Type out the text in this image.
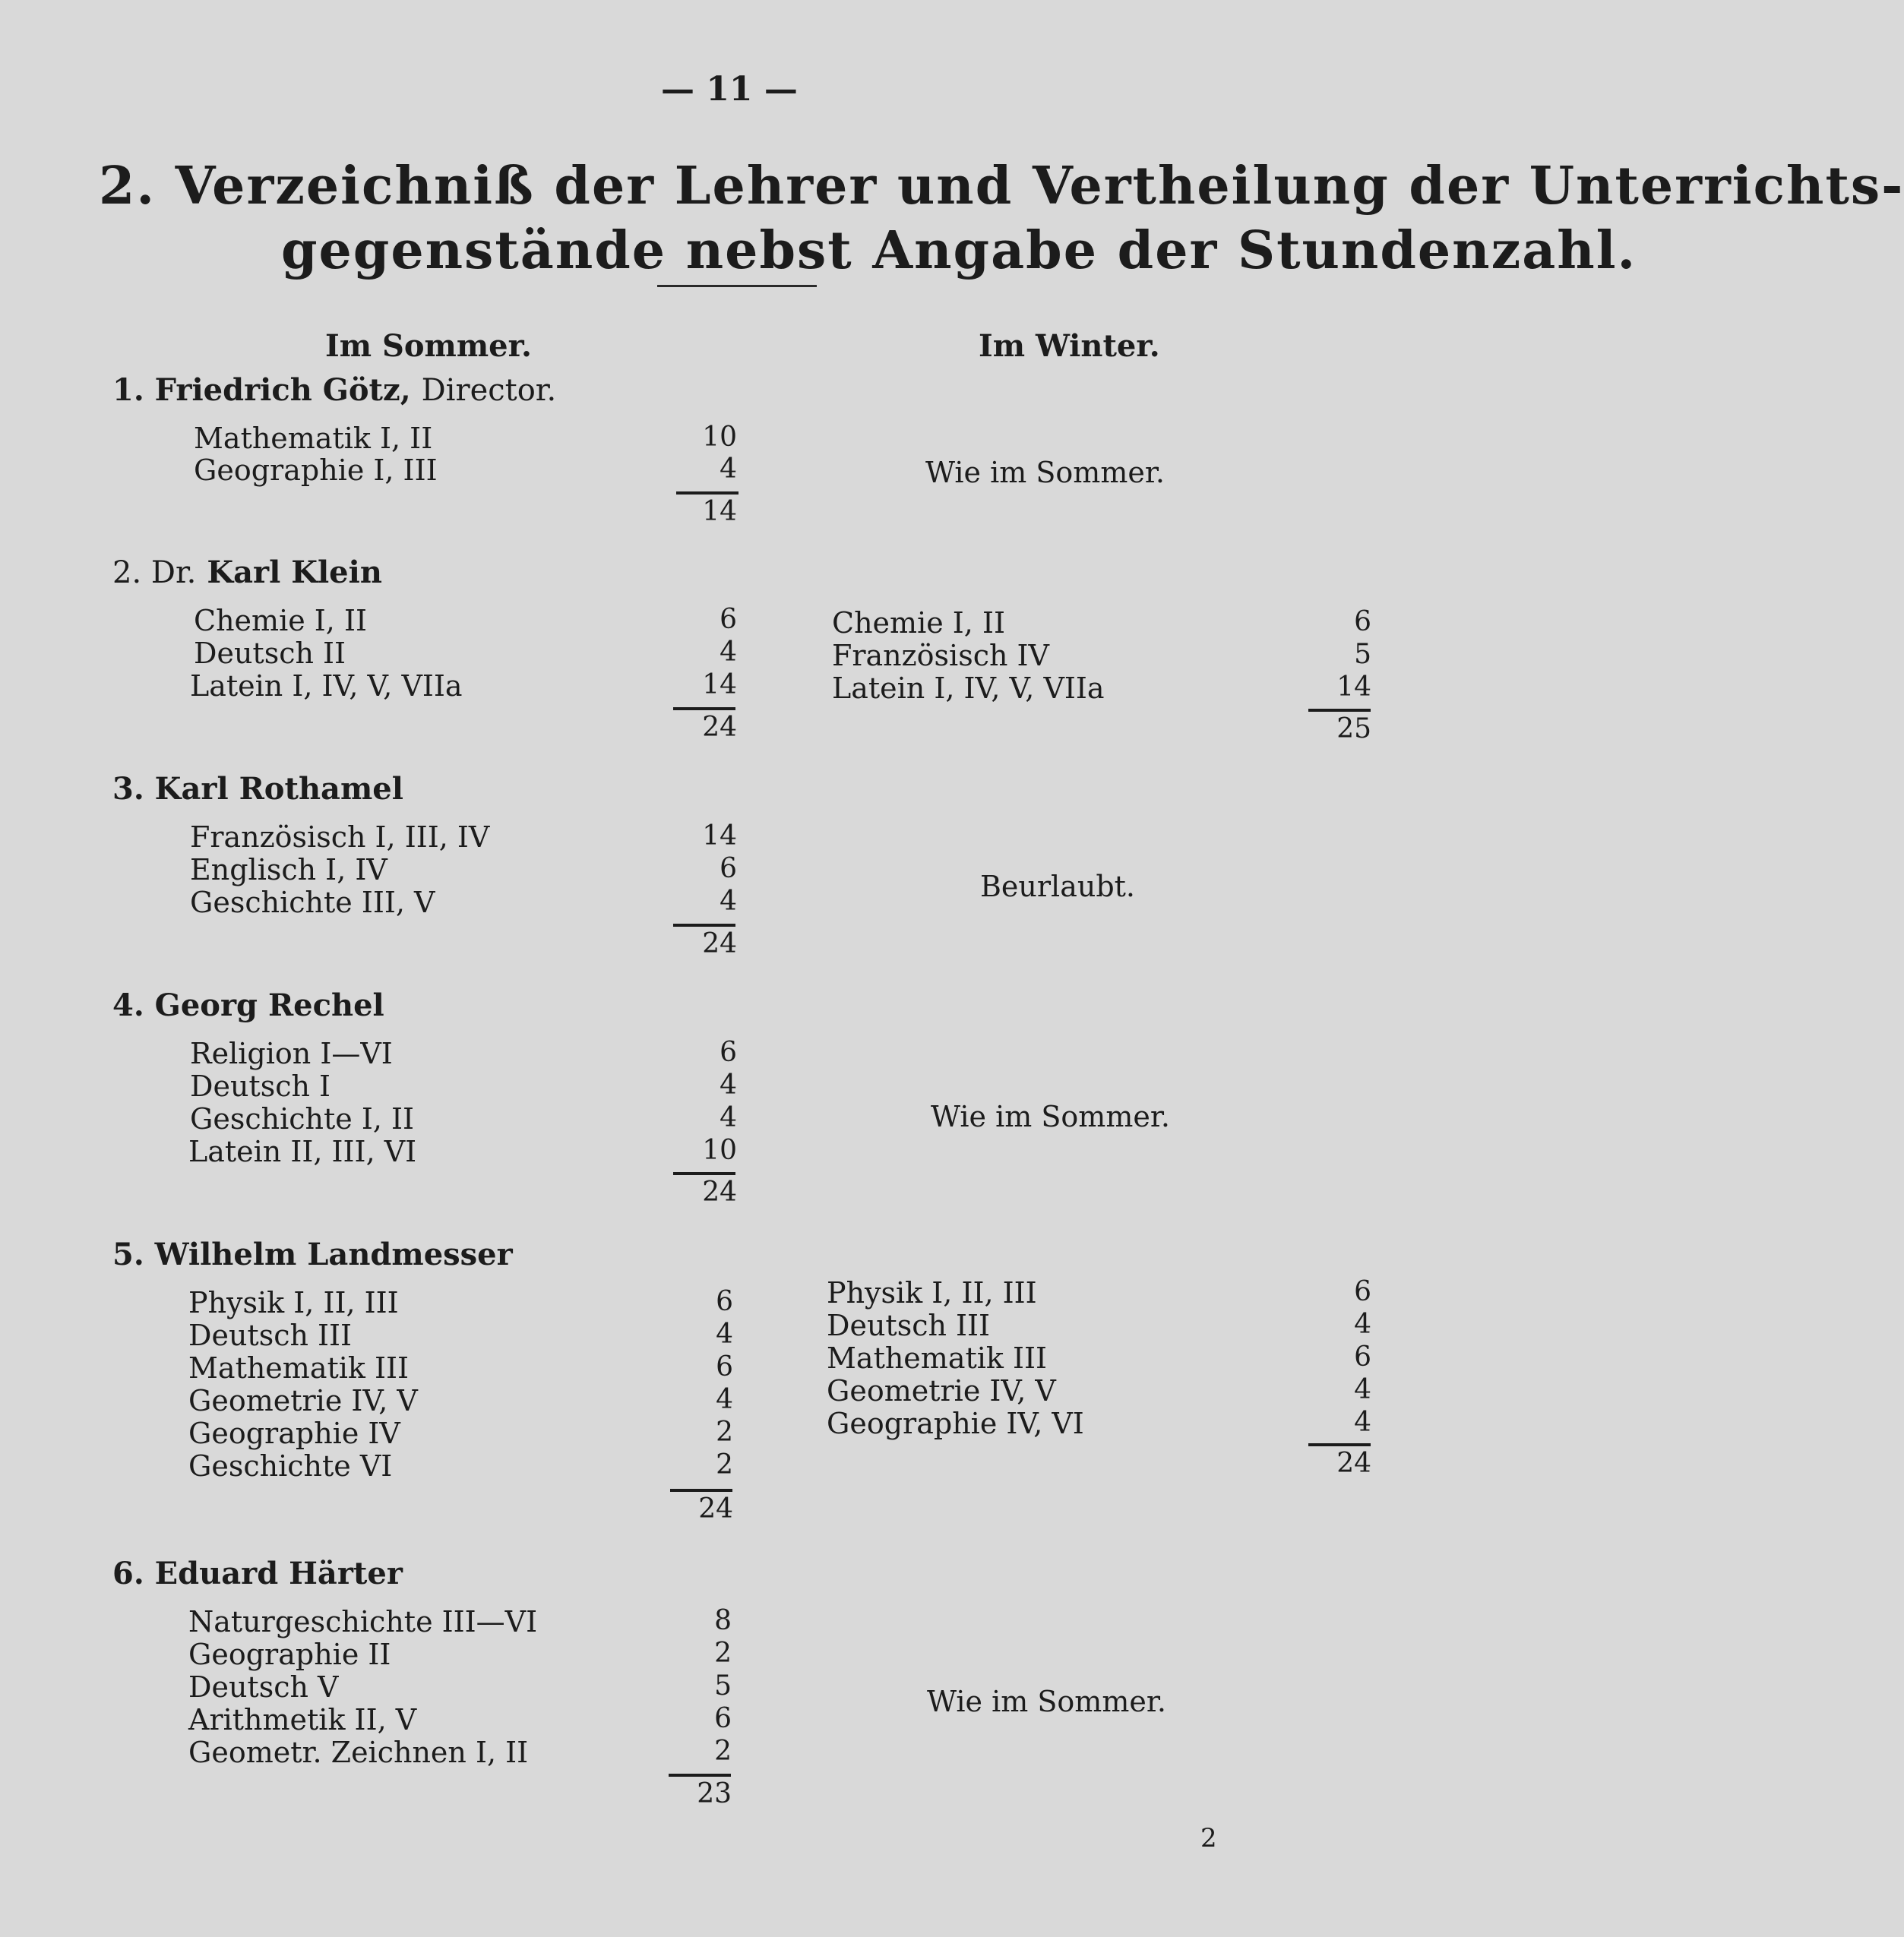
— 11 —
2. Verzeichniß der Lehrer und Vertheilung der Unterrichts-
gegenstände nebst Angabe der Stundenzahl.
Im Sommer.	Im Winter.
1. Friedrich Götz, Director.
Mathematik I, II	10
Geographie I, III	4
14
Wie im Sommer.
2. Dr. Karl Klein
Chemie I, II	6
Deutsch II	4
Latein I, IV, V, VIIa	14
24
Chemie I, II	6
Französisch IV	5
Latein I, IV, V, VIIa	14
25
3. Karl Rothamel
Französisch I, III, IV	14
Englisch I, IV	6
Geschichte III, V	4
24
Beurlaubt.
4. Georg Rechel
Religion I—VI	6
Deutsch I	4
Geschichte I, II	4
Latein II, III, VI	10
24
Wie im Sommer.
5. Wilhelm Landmesser
Physik I, II, III	6
Deutsch III	4
Mathematik III	6
Geometrie IV, V	4
Geographie IV	2
Geschichte VI	2
24
Physik I, II, III	6
Deutsch III	4
Mathematik III	6
Geometrie IV, V	4
Geographie IV, VI	4
24
6. Eduard Härter
Naturgeschichte III—VI	8
Geographie II	2
Deutsch V	5
Arithmetik II, V	6
Geometr. Zeichnen I, II	2
23
Wie im Sommer.
2
